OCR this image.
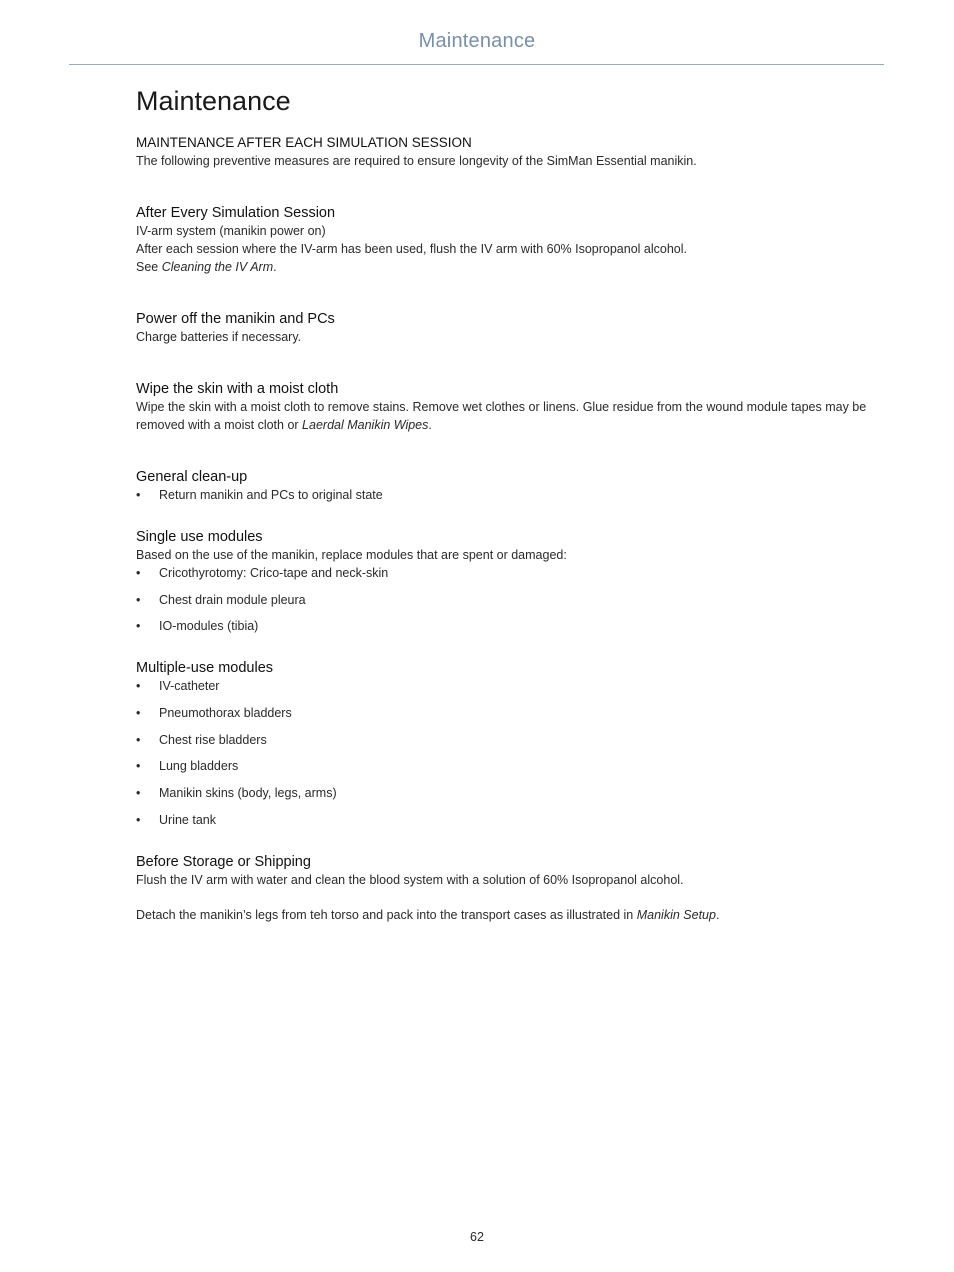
Maintenance
Maintenance

MAINTENANCE AFTER EACH SIMULATION SESSION

The following preventive measures are required to ensure longevity of the SimMan Essential manikin.

After Every Simulation Session

IV-arm system (manikin power on)

After each session where the IV-arm has been used, flush the IV arm with 60% Isopropanol alcohol.

See Cleaning the IV Arm.

Power off the manikin and PCs

Charge batteries if necessary.

Wipe the skin with a moist cloth

Wipe the skin with a moist cloth to remove stains. Remove wet clothes or linens. Glue residue from the wound module tapes may be removed with a moist cloth or Laerdal Manikin Wipes.

General clean-up

• Return manikin and PCs to original state

Single use modules

Based on the use of the manikin, replace modules that are spent or damaged:

• Cricothyrotomy: Crico-tape and neck-skin
• Chest drain module pleura
• IO-modules (tibia)

Multiple-use modules

• IV-catheter
• Pneumothorax bladders
• Chest rise bladders
• Lung bladders
• Manikin skins (body, legs, arms)
• Urine tank

Before Storage or Shipping

Flush the IV arm with water and clean the blood system with a solution of 60% Isopropanol alcohol.

Detach the manikin’s legs from teh torso and pack into the transport cases as illustrated in Manikin Setup.

62
